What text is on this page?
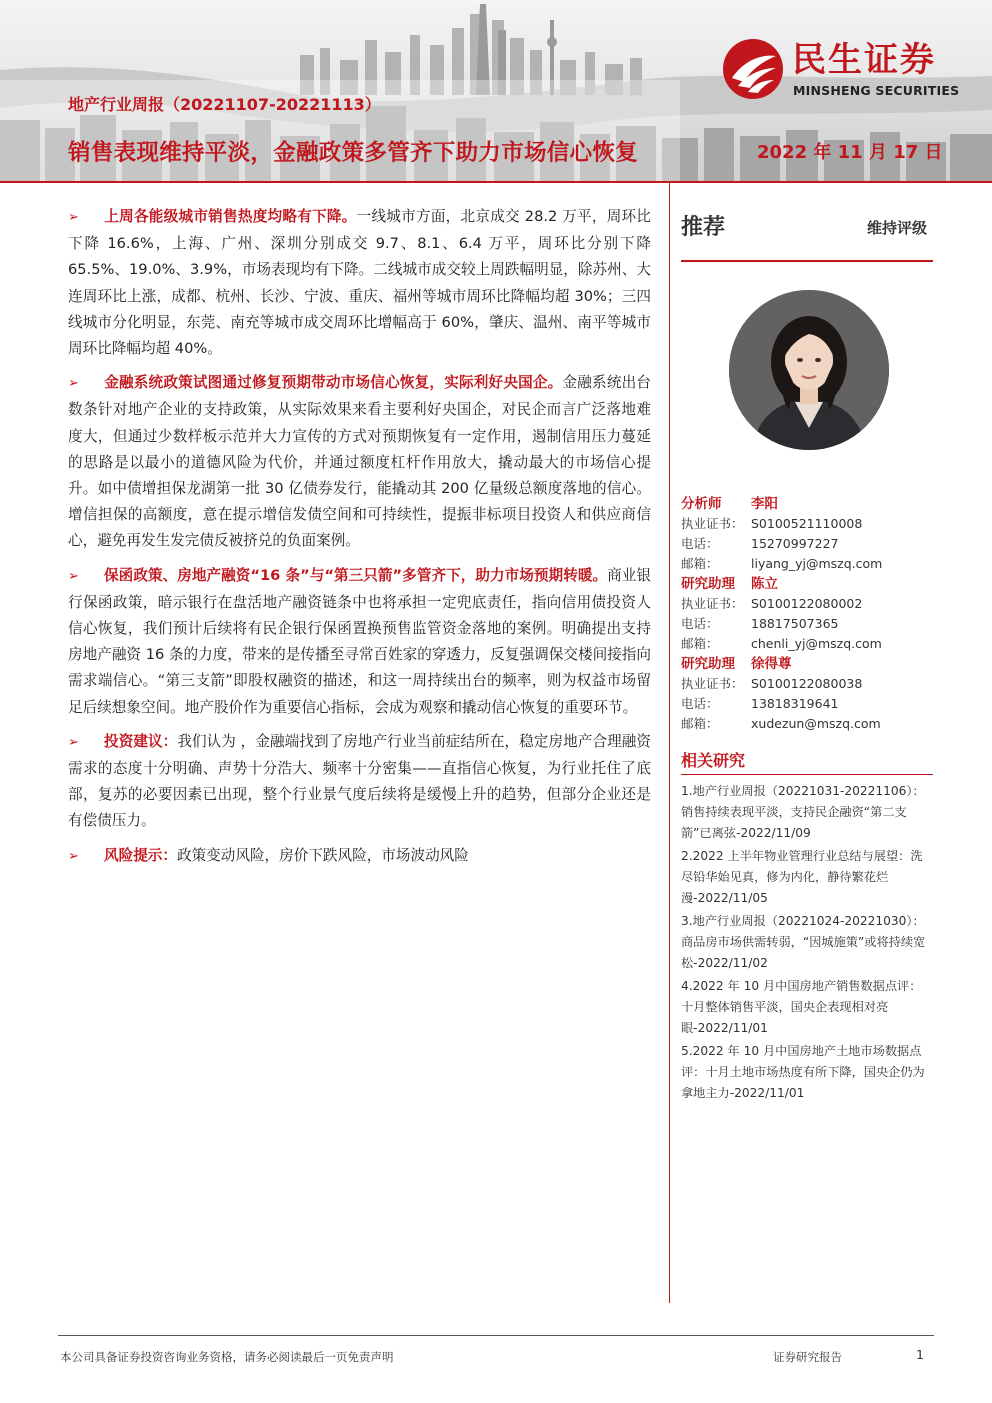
民生证券
MINSHENG SECURITIES
地产行业周报（20221107-20221113）
销售表现维持平淡，金融政策多管齐下助力市场信心恢复	2022 年 11 月 17 日

➢ 上周各能级城市销售热度均略有下降。一线城市方面，北京成交 28.2 万平，周环比下降 16.6%，上海、广州、深圳分别成交 9.7、8.1、6.4 万平，周环比分别下降 65.5%、19.0%、3.9%，市场表现均有下降。二线城市成交较上周跌幅明显，除苏州、大连周环比上涨，成都、杭州、长沙、宁波、重庆、福州等城市周环比降幅均超 30%；三四线城市分化明显，东莞、南充等城市成交周环比增幅高于 60%，肇庆、温州、南平等城市周环比降幅均超 40%。

➢ 金融系统政策试图通过修复预期带动市场信心恢复，实际利好央国企。金融系统出台数条针对地产企业的支持政策，从实际效果来看主要利好央国企，对民企而言广泛落地难度大，但通过少数样板示范并大力宣传的方式对预期恢复有一定作用，遏制信用压力蔓延的思路是以最小的道德风险为代价，并通过额度杠杆作用放大，撬动最大的市场信心提升。如中债增担保龙湖第一批 30 亿债券发行，能撬动其 200 亿量级总额度落地的信心。增信担保的高额度，意在提示增信发债空间和可持续性，提振非标项目投资人和供应商信心，避免再发生发完债反被挤兑的负面案例。

➢ 保函政策、房地产融资“16 条”与“第三只箭”多管齐下，助力市场预期转暖。商业银行保函政策，暗示银行在盘活地产融资链条中也将承担一定兜底责任，指向信用债投资人信心恢复，我们预计后续将有民企银行保函置换预售监管资金落地的案例。明确提出支持房地产融资 16 条的力度，带来的是传播至寻常百姓家的穿透力，反复强调保交楼间接指向需求端信心。“第三支箭”即股权融资的描述，和这一周持续出台的频率，则为权益市场留足后续想象空间。地产股价作为重要信心指标，会成为观察和撬动信心恢复的重要环节。

➢ 投资建议：我们认为 ，金融端找到了房地产行业当前症结所在，稳定房地产合理融资需求的态度十分明确、声势十分浩大、频率十分密集——直指信心恢复，为行业托住了底部，复苏的必要因素已出现，整个行业景气度后续将是缓慢上升的趋势，但部分企业还是有偿债压力。

➢ 风险提示：政策变动风险，房价下跌风险，市场波动风险

推荐	维持评级
分析师 李阳
执业证书： S0100521110008
电话：	15270997227
邮箱：	liyang_yj@mszq.com
研究助理 陈立
执业证书： S0100122080002
电话：	18817507365
邮箱：	chenli_yj@mszq.com
研究助理 徐得尊
执业证书： S0100122080038
电话：	13818319641
邮箱：	xudezun@mszq.com
相关研究
1.地产行业周报（20221031-20221106）：销售持续表现平淡，支持民企融资“第二支箭”已离弦-2022/11/09
2.2022 上半年物业管理行业总结与展望：洗尽铅华始见真，修为内化，静待繁花烂漫-2022/11/05
3.地产行业周报（20221024-20221030）：商品房市场供需转弱，“因城施策”或将持续宽松-2022/11/02
4.2022 年 10 月中国房地产销售数据点评：十月整体销售平淡，国央企表现相对亮眼-2022/11/01
5.2022 年 10 月中国房地产土地市场数据点评：十月土地市场热度有所下降，国央企仍为拿地主力-2022/11/01
本公司具备证券投资咨询业务资格，请务必阅读最后一页免责声明	证券研究报告	1
